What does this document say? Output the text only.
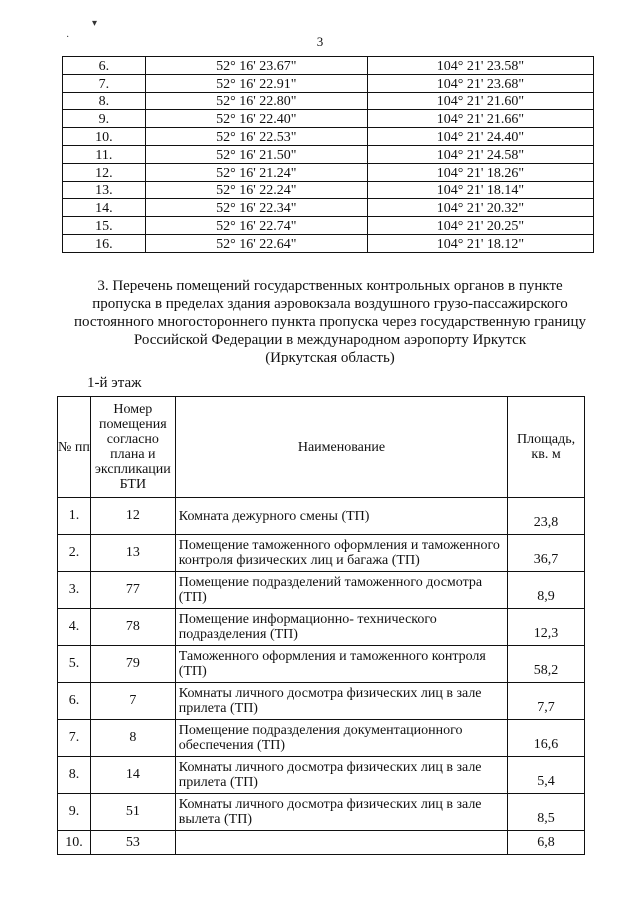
▾
·	3
6.	52° 16' 23.67"	104° 21' 23.58"
7.	52° 16' 22.91"	104° 21' 23.68"
8.	52° 16' 22.80"	104° 21' 21.60"
9.	52° 16' 22.40"	104° 21' 21.66"
10.	52° 16' 22.53"	104° 21' 24.40"
11.	52° 16' 21.50"	104° 21' 24.58"
12.	52° 16' 21.24"	104° 21' 18.26"
13.	52° 16' 22.24"	104° 21' 18.14"
14.	52° 16' 22.34"	104° 21' 20.32"
15.	52° 16' 22.74"	104° 21' 20.25"
16.	52° 16' 22.64"	104° 21' 18.12"
3. Перечень помещений государственных контрольных органов в пункте
пропуска в пределах здания аэровокзала воздушного грузо-пассажирского
постоянного многостороннего пункта пропуска через государственную границу
Российской Федерации в международном аэропорту Иркутск
(Иркутская область)
1-й этаж
№ пп	Номер помещения согласно плана и экспликации БТИ	Наименование	Площадь, кв. м
1.	12	Комната дежурного смены (ТП)	23,8
2.	13	Помещение таможенного оформления и таможенного контроля физических лиц и багажа (ТП)	36,7
3.	77	Помещение подразделений таможенного досмотра (ТП)	8,9
4.	78	Помещение информационно- технического подразделения (ТП)	12,3
5.	79	Таможенного оформления и таможенного контроля (ТП)	58,2
6.	7	Комнаты личного досмотра физических лиц в зале прилета (ТП)	7,7
7.	8	Помещение подразделения документационного обеспечения (ТП)	16,6
8.	14	Комнаты личного досмотра физических лиц в зале прилета (ТП)	5,4
9.	51	Комнаты личного досмотра физических лиц в зале вылета (ТП)	8,5
10.	53		6,8
